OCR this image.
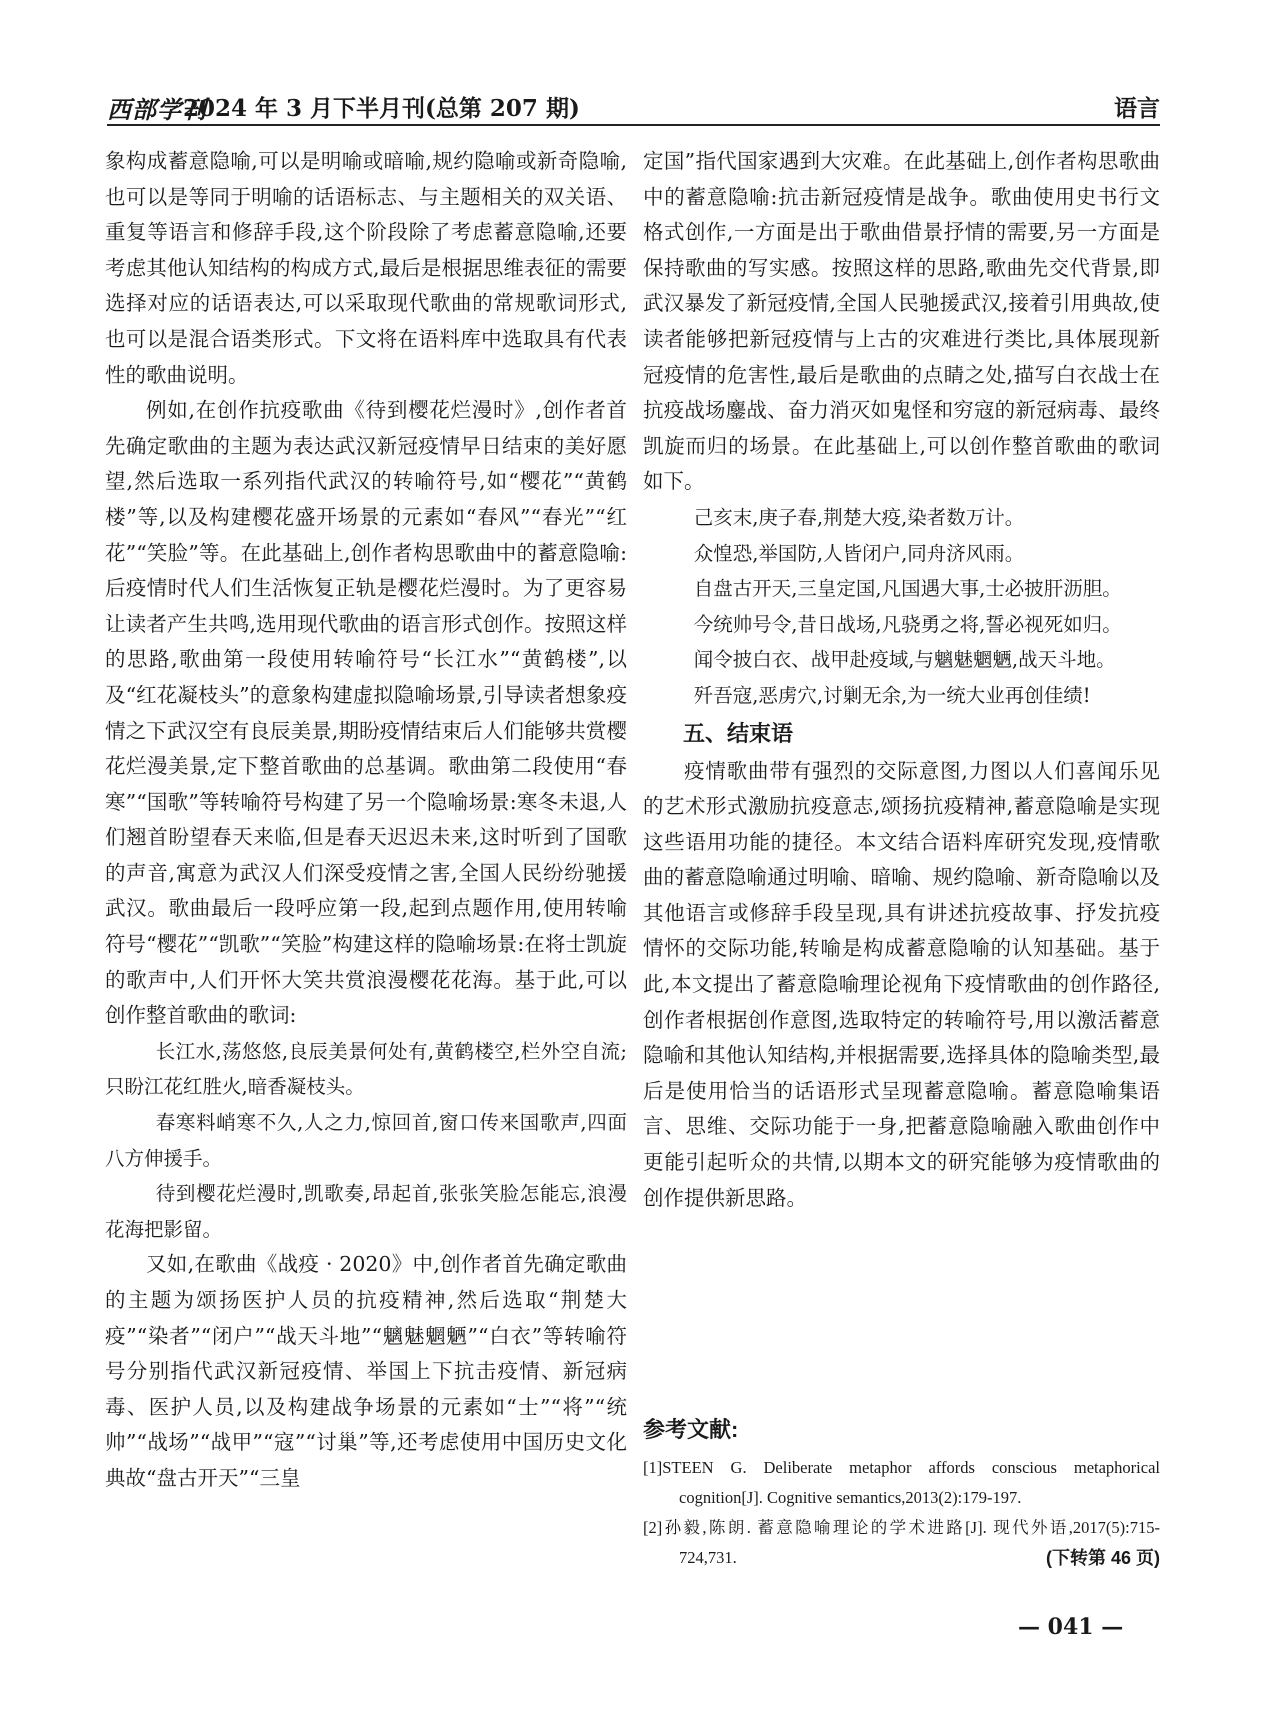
西部学刊
2024 年 3 月下半月刊(总第 207 期)	语言

象构成蓄意隐喻,可以是明喻或暗喻,规约隐喻或新奇隐喻,也可以是等同于明喻的话语标志、与主题相关的双关语、重复等语言和修辞手段,这个阶段除了考虑蓄意隐喻,还要考虑其他认知结构的构成方式,最后是根据思维表征的需要选择对应的话语表达,可以采取现代歌曲的常规歌词形式,也可以是混合语类形式。下文将在语料库中选取具有代表性的歌曲说明。

例如,在创作抗疫歌曲《待到樱花烂漫时》,创作者首先确定歌曲的主题为表达武汉新冠疫情早日结束的美好愿望,然后选取一系列指代武汉的转喻符号,如“樱花”“黄鹤楼”等,以及构建樱花盛开场景的元素如“春风”“春光”“红花”“笑脸”等。在此基础上,创作者构思歌曲中的蓄意隐喻:后疫情时代人们生活恢复正轨是樱花烂漫时。为了更容易让读者产生共鸣,选用现代歌曲的语言形式创作。按照这样的思路,歌曲第一段使用转喻符号“长江水”“黄鹤楼”,以及“红花凝枝头”的意象构建虚拟隐喻场景,引导读者想象疫情之下武汉空有良辰美景,期盼疫情结束后人们能够共赏樱花烂漫美景,定下整首歌曲的总基调。歌曲第二段使用“春寒”“国歌”等转喻符号构建了另一个隐喻场景:寒冬未退,人们翘首盼望春天来临,但是春天迟迟未来,这时听到了国歌的声音,寓意为武汉人们深受疫情之害,全国人民纷纷驰援武汉。歌曲最后一段呼应第一段,起到点题作用,使用转喻符号“樱花”“凯歌”“笑脸”构建这样的隐喻场景:在将士凯旋的歌声中,人们开怀大笑共赏浪漫樱花花海。基于此,可以创作整首歌曲的歌词:

长江水,荡悠悠,良辰美景何处有,黄鹤楼空,栏外空自流;只盼江花红胜火,暗香凝枝头。

春寒料峭寒不久,人之力,惊回首,窗口传来国歌声,四面八方伸援手。

待到樱花烂漫时,凯歌奏,昂起首,张张笑脸怎能忘,浪漫花海把影留。

又如,在歌曲《战疫 · 2020》中,创作者首先确定歌曲的主题为颂扬医护人员的抗疫精神,然后选取“荆楚大疫”“染者”“闭户”“战天斗地”“魑魅魍魉”“白衣”等转喻符号分别指代武汉新冠疫情、举国上下抗击疫情、新冠病毒、医护人员,以及构建战争场景的元素如“士”“将”“统帅”“战场”“战甲”“寇”“讨巢”等,还考虑使用中国历史文化典故“盘古开天”“三皇

定国”指代国家遇到大灾难。在此基础上,创作者构思歌曲中的蓄意隐喻:抗击新冠疫情是战争。歌曲使用史书行文格式创作,一方面是出于歌曲借景抒情的需要,另一方面是保持歌曲的写实感。按照这样的思路,歌曲先交代背景,即武汉暴发了新冠疫情,全国人民驰援武汉,接着引用典故,使读者能够把新冠疫情与上古的灾难进行类比,具体展现新冠疫情的危害性,最后是歌曲的点睛之处,描写白衣战士在抗疫战场鏖战、奋力消灭如鬼怪和穷寇的新冠病毒、最终凯旋而归的场景。在此基础上,可以创作整首歌曲的歌词如下。

己亥末,庚子春,荆楚大疫,染者数万计。

众惶恐,举国防,人皆闭户,同舟济风雨。

自盘古开天,三皇定国,凡国遇大事,士必披肝沥胆。

今统帅号令,昔日战场,凡骁勇之将,誓必视死如归。

闻令披白衣、战甲赴疫域,与魑魅魍魉,战天斗地。

歼吾寇,恶虏穴,讨剿无余,为一统大业再创佳绩!

五、结束语

疫情歌曲带有强烈的交际意图,力图以人们喜闻乐见的艺术形式激励抗疫意志,颂扬抗疫精神,蓄意隐喻是实现这些语用功能的捷径。本文结合语料库研究发现,疫情歌曲的蓄意隐喻通过明喻、暗喻、规约隐喻、新奇隐喻以及其他语言或修辞手段呈现,具有讲述抗疫故事、抒发抗疫情怀的交际功能,转喻是构成蓄意隐喻的认知基础。基于此,本文提出了蓄意隐喻理论视角下疫情歌曲的创作路径,创作者根据创作意图,选取特定的转喻符号,用以激活蓄意隐喻和其他认知结构,并根据需要,选择具体的隐喻类型,最后是使用恰当的话语形式呈现蓄意隐喻。蓄意隐喻集语言、思维、交际功能于一身,把蓄意隐喻融入歌曲创作中更能引起听众的共情,以期本文的研究能够为疫情歌曲的创作提供新思路。

参考文献:
[1]STEEN G. Deliberate metaphor affords conscious metaphorical cognition[J]. Cognitive semantics,2013(2):179-197.
[2]孙毅,陈朗. 蓄意隐喻理论的学术进路[J]. 现代外语,2017(5):715-724,731.	(下转第 46 页)
— 041 —
